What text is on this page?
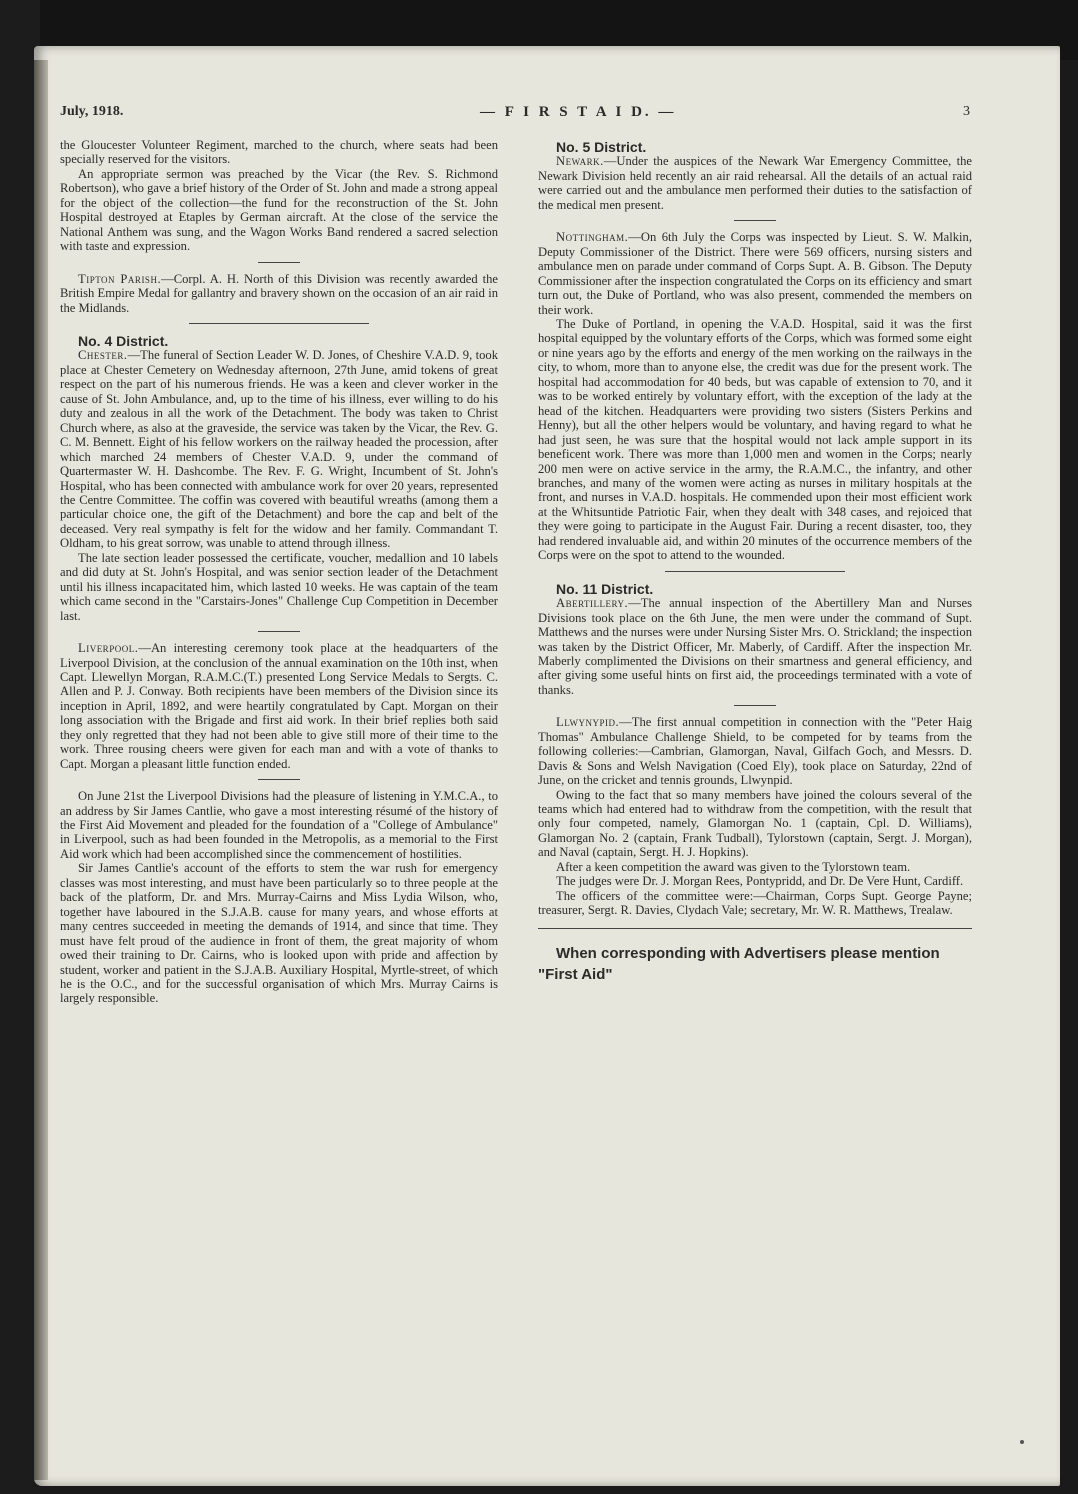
July, 1918.	— F I R S T A I D. —	3

the Gloucester Volunteer Regiment, marched to the church, where seats had been specially reserved for the visitors.

An appropriate sermon was preached by the Vicar (the Rev. S. Richmond Robertson), who gave a brief history of the Order of St. John and made a strong appeal for the object of the collection—the fund for the reconstruction of the St. John Hospital destroyed at Etaples by German aircraft. At the close of the service the National Anthem was sung, and the Wagon Works Band rendered a sacred selection with taste and expression.

Tipton Parish.—Corpl. A. H. North of this Division was recently awarded the British Empire Medal for gallantry and bravery shown on the occasion of an air raid in the Midlands.

No. 4 District.

Chester.—The funeral of Section Leader W. D. Jones, of Cheshire V.A.D. 9, took place at Chester Cemetery on Wednesday afternoon, 27th June, amid tokens of great respect on the part of his numerous friends. He was a keen and clever worker in the cause of St. John Ambulance, and, up to the time of his illness, ever willing to do his duty and zealous in all the work of the Detachment. The body was taken to Christ Church where, as also at the graveside, the service was taken by the Vicar, the Rev. G. C. M. Bennett. Eight of his fellow workers on the railway headed the procession, after which marched 24 members of Chester V.A.D. 9, under the command of Quartermaster W. H. Dashcombe. The Rev. F. G. Wright, Incumbent of St. John's Hospital, who has been connected with ambulance work for over 20 years, represented the Centre Committee. The coffin was covered with beautiful wreaths (among them a particular choice one, the gift of the Detachment) and bore the cap and belt of the deceased. Very real sympathy is felt for the widow and her family. Commandant T. Oldham, to his great sorrow, was unable to attend through illness.

The late section leader possessed the certificate, voucher, medallion and 10 labels and did duty at St. John's Hospital, and was senior section leader of the Detachment until his illness incapacitated him, which lasted 10 weeks. He was captain of the team which came second in the "Carstairs-Jones" Challenge Cup Competition in December last.

Liverpool.—An interesting ceremony took place at the headquarters of the Liverpool Division, at the conclusion of the annual examination on the 10th inst, when Capt. Llewellyn Morgan, R.A.M.C.(T.) presented Long Service Medals to Sergts. C. Allen and P. J. Conway. Both recipients have been members of the Division since its inception in April, 1892, and were heartily congratulated by Capt. Morgan on their long association with the Brigade and first aid work. In their brief replies both said they only regretted that they had not been able to give still more of their time to the work. Three rousing cheers were given for each man and with a vote of thanks to Capt. Morgan a pleasant little function ended.

On June 21st the Liverpool Divisions had the pleasure of listening in Y.M.C.A., to an address by Sir James Cantlie, who gave a most interesting résumé of the history of the First Aid Movement and pleaded for the foundation of a "College of Ambulance" in Liverpool, such as had been founded in the Metropolis, as a memorial to the First Aid work which had been accomplished since the commencement of hostilities.

Sir James Cantlie's account of the efforts to stem the war rush for emergency classes was most interesting, and must have been particularly so to three people at the back of the platform, Dr. and Mrs. Murray-Cairns and Miss Lydia Wilson, who, together have laboured in the S.J.A.B. cause for many years, and whose efforts at many centres succeeded in meeting the demands of 1914, and since that time. They must have felt proud of the audience in front of them, the great majority of whom owed their training to Dr. Cairns, who is looked upon with pride and affection by student, worker and patient in the S.J.A.B. Auxiliary Hospital, Myrtle-street, of which he is the O.C., and for the successful organisation of which Mrs. Murray Cairns is largely responsible.

No. 5 District.

Newark.—Under the auspices of the Newark War Emergency Committee, the Newark Division held recently an air raid rehearsal. All the details of an actual raid were carried out and the ambulance men performed their duties to the satisfaction of the medical men present.

Nottingham.—On 6th July the Corps was inspected by Lieut. S. W. Malkin, Deputy Commissioner of the District. There were 569 officers, nursing sisters and ambulance men on parade under command of Corps Supt. A. B. Gibson. The Deputy Commissioner after the inspection congratulated the Corps on its efficiency and smart turn out, the Duke of Portland, who was also present, commended the members on their work.

The Duke of Portland, in opening the V.A.D. Hospital, said it was the first hospital equipped by the voluntary efforts of the Corps, which was formed some eight or nine years ago by the efforts and energy of the men working on the railways in the city, to whom, more than to anyone else, the credit was due for the present work. The hospital had accommodation for 40 beds, but was capable of extension to 70, and it was to be worked entirely by voluntary effort, with the exception of the lady at the head of the kitchen. Headquarters were providing two sisters (Sisters Perkins and Henny), but all the other helpers would be voluntary, and having regard to what he had just seen, he was sure that the hospital would not lack ample support in its beneficent work. There was more than 1,000 men and women in the Corps; nearly 200 men were on active service in the army, the R.A.M.C., the infantry, and other branches, and many of the women were acting as nurses in military hospitals at the front, and nurses in V.A.D. hospitals. He commended upon their most efficient work at the Whitsuntide Patriotic Fair, when they dealt with 348 cases, and rejoiced that they were going to participate in the August Fair. During a recent disaster, too, they had rendered invaluable aid, and within 20 minutes of the occurrence members of the Corps were on the spot to attend to the wounded.

No. 11 District.

Abertillery.—The annual inspection of the Abertillery Man and Nurses Divisions took place on the 6th June, the men were under the command of Supt. Matthews and the nurses were under Nursing Sister Mrs. O. Strickland; the inspection was taken by the District Officer, Mr. Maberly, of Cardiff. After the inspection Mr. Maberly complimented the Divisions on their smartness and general efficiency, and after giving some useful hints on first aid, the proceedings terminated with a vote of thanks.

Llwynypid.—The first annual competition in connection with the "Peter Haig Thomas" Ambulance Challenge Shield, to be competed for by teams from the following colleries:—Cambrian, Glamorgan, Naval, Gilfach Goch, and Messrs. D. Davis & Sons and Welsh Navigation (Coed Ely), took place on Saturday, 22nd of June, on the cricket and tennis grounds, Llwynpid.

Owing to the fact that so many members have joined the colours several of the teams which had entered had to withdraw from the competition, with the result that only four competed, namely, Glamorgan No. 1 (captain, Cpl. D. Williams), Glamorgan No. 2 (captain, Frank Tudball), Tylorstown (captain, Sergt. J. Morgan), and Naval (captain, Sergt. H. J. Hopkins).

After a keen competition the award was given to the Tylorstown team.

The judges were Dr. J. Morgan Rees, Pontypridd, and Dr. De Vere Hunt, Cardiff.

The officers of the committee were:—Chairman, Corps Supt. George Payne; treasurer, Sergt. R. Davies, Clydach Vale; secretary, Mr. W. R. Matthews, Trealaw.

When corresponding with Advertisers please mention "First Aid"
